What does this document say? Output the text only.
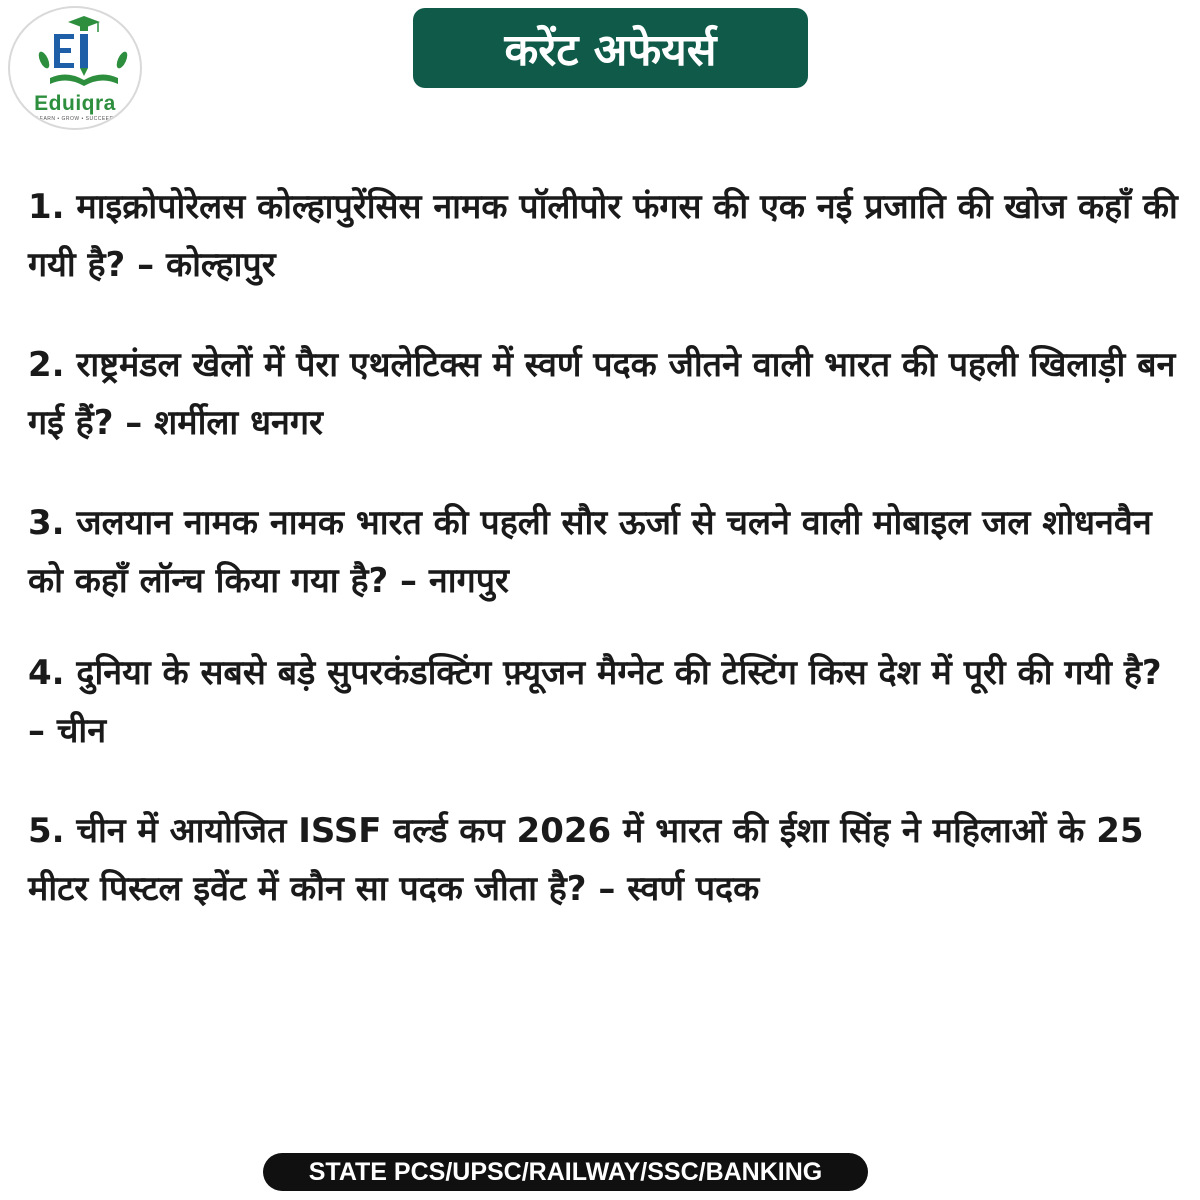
Eduiqra
LEARN • GROW • SUCCEED
करेंट अफेयर्स

1. माइक्रोपोरेलस कोल्हापुरेंसिस नामक पॉलीपोर फंगस की एक नई प्रजाति की खोज कहाँ की गयी है? – कोल्हापुर

2. राष्ट्रमंडल खेलों में पैरा एथलेटिक्स में स्वर्ण पदक जीतने वाली भारत की पहली खिलाड़ी बन गई हैं? – शर्मीला धनगर

3. जलयान नामक नामक भारत की पहली सौर ऊर्जा से चलने वाली मोबाइल जल शोधनवैन को कहाँ लॉन्च किया गया है? – नागपुर

4. दुनिया के सबसे बड़े सुपरकंडक्टिंग फ़्यूजन मैग्नेट की टेस्टिंग किस देश में पूरी की गयी है? – चीन

5. चीन में आयोजित ISSF वर्ल्ड कप 2026 में भारत की ईशा सिंह ने महिलाओं के 25 मीटर पिस्टल इवेंट में कौन सा पदक जीता है? – स्वर्ण पदक

STATE PCS/UPSC/RAILWAY/SSC/BANKING
